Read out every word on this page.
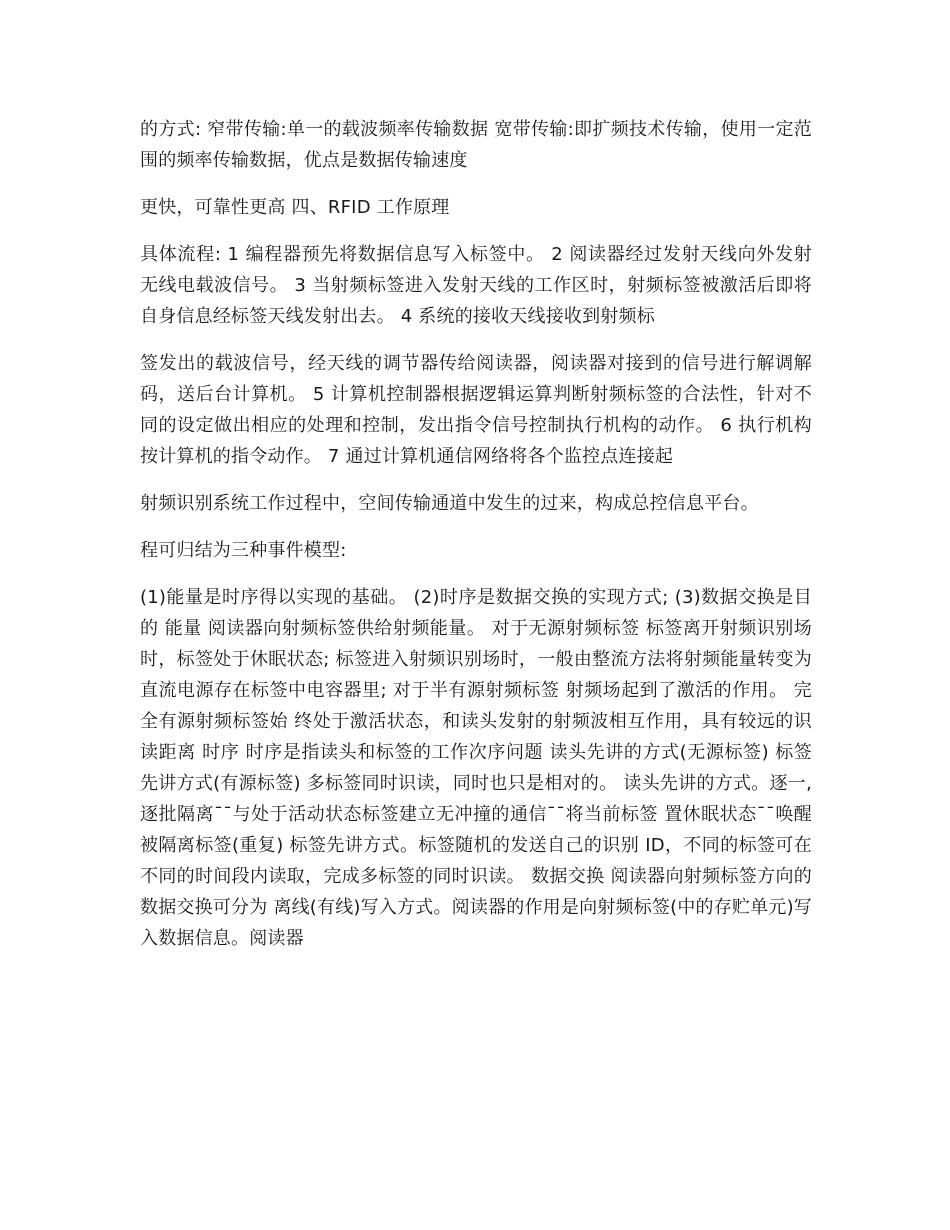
的方式: 窄带传输:单一的载波频率传输数据 宽带传输:即扩频技术传输，使用一定范围的频率传输数据，优点是数据传输速度

更快，可靠性更高 四、RFID 工作原理

具体流程: 1 编程器预先将数据信息写入标签中。 2 阅读器经过发射天线向外发射无线电载波信号。 3 当射频标签进入发射天线的工作区时，射频标签被激活后即将自身信息经标签天线发射出去。 4 系统的接收天线接收到射频标

签发出的载波信号，经天线的调节器传给阅读器，阅读器对接到的信号进行解调解码，送后台计算机。 5 计算机控制器根据逻辑运算判断射频标签的合法性，针对不同的设定做出相应的处理和控制，发出指令信号控制执行机构的动作。 6 执行机构按计算机的指令动作。 7 通过计算机通信网络将各个监控点连接起

射频识别系统工作过程中，空间传输通道中发生的过来，构成总控信息平台。

程可归结为三种事件模型:

(1)能量是时序得以实现的基础。 (2)时序是数据交换的实现方式; (3)数据交换是目的 能量 阅读器向射频标签供给射频能量。 对于无源射频标签 标签离开射频识别场时，标签处于休眠状态; 标签进入射频识别场时，一般由整流方法将射频能量转变为直流电源存在标签中电容器里; 对于半有源射频标签 射频场起到了激活的作用。 完全有源射频标签始 终处于激活状态，和读头发射的射频波相互作用，具有较远的识读距离 时序 时序是指读头和标签的工作次序问题 读头先讲的方式(无源标签) 标签先讲方式(有源标签) 多标签同时识读，同时也只是相对的。 读头先讲的方式。逐一,逐批隔离¯¯与处于活动状态标签建立无冲撞的通信¯¯将当前标签 置休眠状态¯¯唤醒被隔离标签(重复) 标签先讲方式。标签随机的发送自己的识别 ID，不同的标签可在不同的时间段内读取，完成多标签的同时识读。 数据交换 阅读器向射频标签方向的数据交换可分为 离线(有线)写入方式。阅读器的作用是向射频标签(中的存贮单元)写入数据信息。阅读器
